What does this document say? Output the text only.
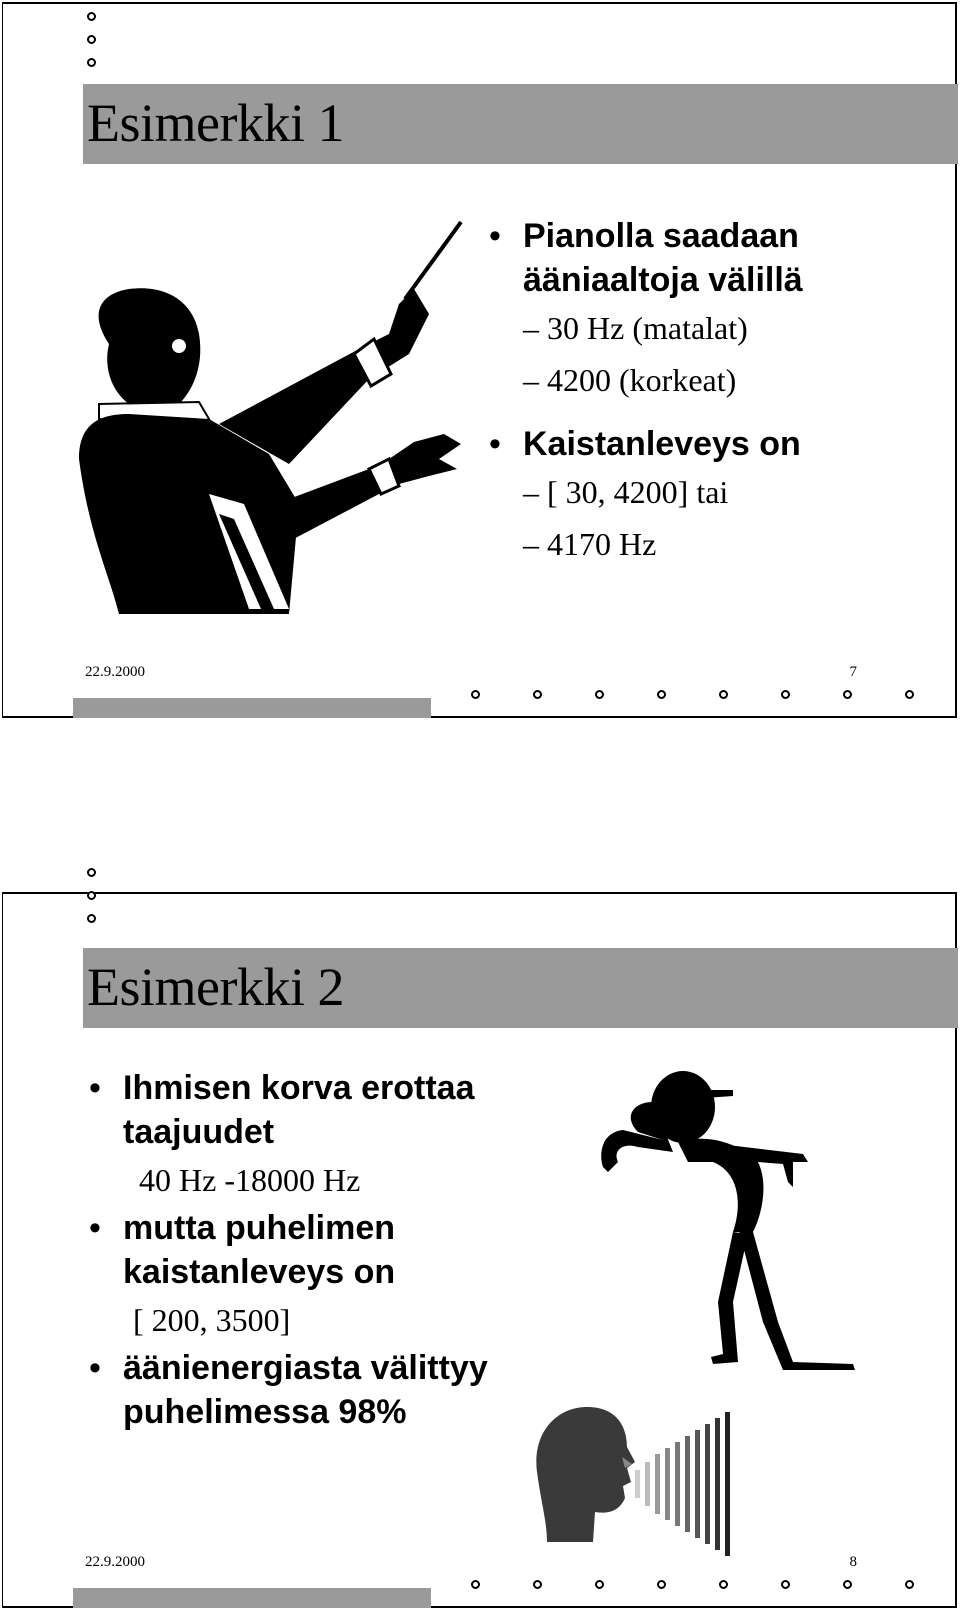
Esimerkki 1
• Pianolla saadaan ääniaaltoja välillä
– 30 Hz (matalat)
– 4200 (korkeat)
• Kaistanleveys on
– [ 30, 4200] tai
– 4170 Hz
22.9.2000	7
Esimerkki 2
• Ihmisen korva erottaa taajuudet
40 Hz -18000 Hz
• mutta puhelimen kaistanleveys on
[ 200, 3500]
• äänienergiasta välittyy puhelimessa 98%
22.9.2000	8
